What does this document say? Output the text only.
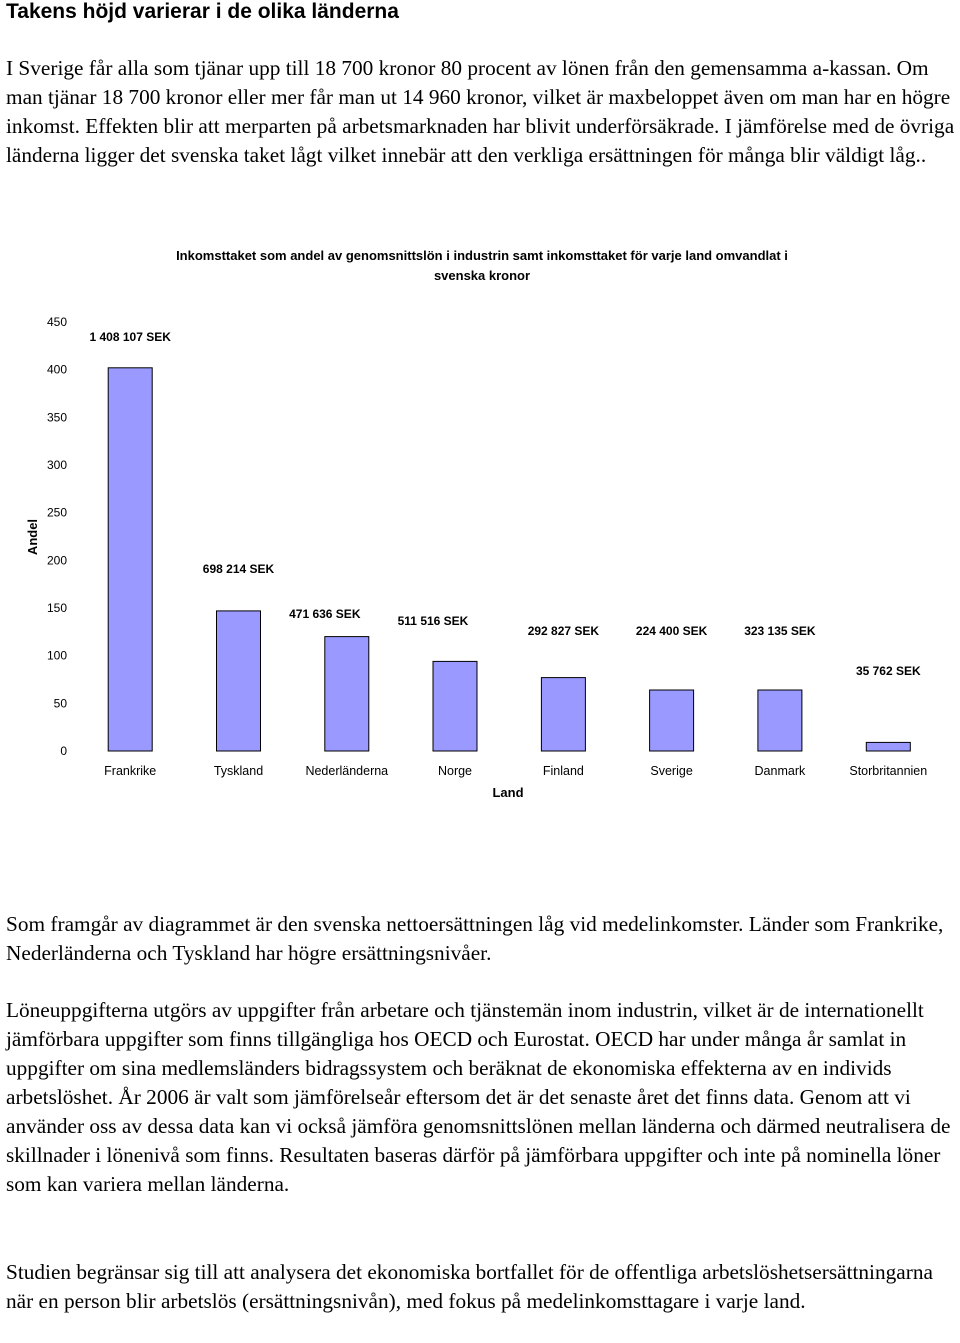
Takens höjd varierar i de olika länderna

I Sverige får alla som tjänar upp till 18 700 kronor 80 procent av lönen från den gemensamma a-kassan. Om man tjänar 18 700 kronor eller mer får man ut 14 960 kronor, vilket är maxbeloppet även om man har en högre inkomst. Effekten blir att merparten på arbetsmarknaden har blivit underförsäkrade. I jämförelse med de övriga länderna ligger det svenska taket lågt vilket innebär att den verkliga ersättningen för många blir väldigt låg..

Inkomsttaket som andel av genomsnittslön i industrin samt inkomsttaket för varje land omvandlat i
svenska kronor
Andel
Land
0
50
100
150
200
250
300
350
400
450
1 408 107 SEK
698 214 SEK
471 636 SEK	511 516 SEK
292 827 SEK	224 400 SEK	323 135 SEK
35 762 SEK
Frankrike	Tyskland	Nederländerna	Norge	Finland	Sverige	Danmark	Storbritannien

Som framgår av diagrammet är den svenska nettoersättningen låg vid medelinkomster. Länder som Frankrike, Nederländerna och Tyskland har högre ersättningsnivåer.

Löneuppgifterna utgörs av uppgifter från arbetare och tjänstemän inom industrin, vilket är de internationellt jämförbara uppgifter som finns tillgängliga hos OECD och Eurostat. OECD har under många år samlat in uppgifter om sina medlemsländers bidragssystem och beräknat de ekonomiska effekterna av en individs arbetslöshet. År 2006 är valt som jämförelseår eftersom det är det senaste året det finns data. Genom att vi använder oss av dessa data kan vi också jämföra genomsnittslönen mellan länderna och därmed neutralisera de skillnader i lönenivå som finns. Resultaten baseras därför på jämförbara uppgifter och inte på nominella löner som kan variera mellan länderna.

Studien begränsar sig till att analysera det ekonomiska bortfallet för de offentliga arbetslöshetsersättningarna när en person blir arbetslös (ersättningsnivån), med fokus på medelinkomsttagare i varje land.
